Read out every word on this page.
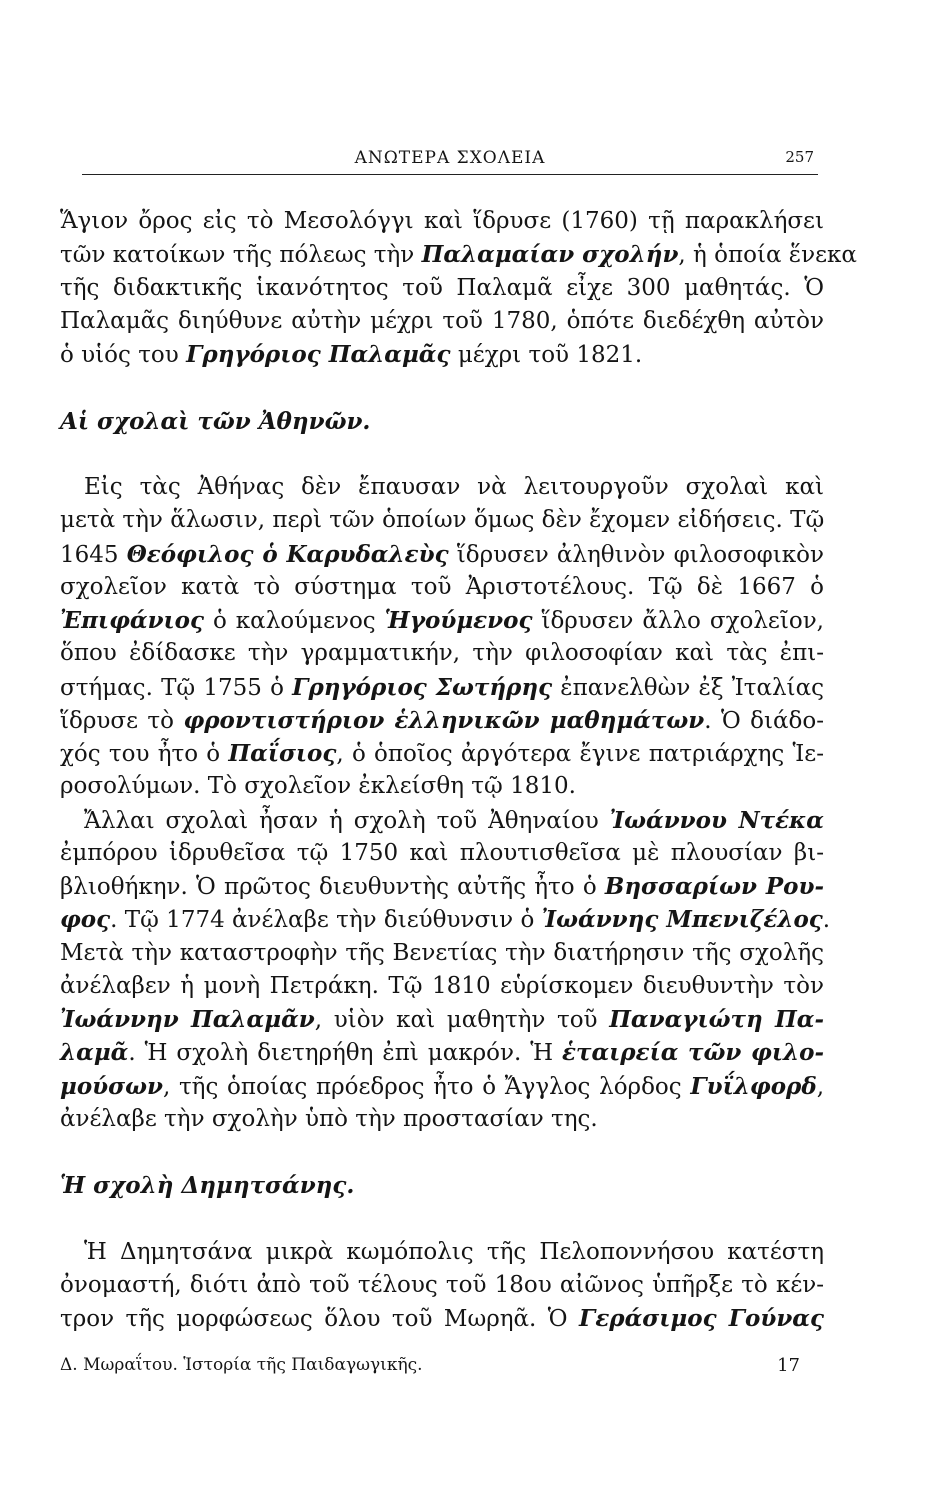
ΑΝΩΤΕΡΑ ΣΧΟΛΕΙΑ	257

Ἅγιον ὄρος εἰς τὸ Μεσολόγγι καὶ ἵδρυσε (1760) τῇ παρακλήσει

τῶν κατοίκων τῆς πόλεως τὴν Παλαμαίαν σχολήν, ἡ ὁποία ἕνεκα

τῆς διδακτικῆς ἱκανότητος τοῦ Παλαμᾶ εἶχε 300 μαθητάς. Ὁ

Παλαμᾶς διηύθυνε αὐτὴν μέχρι τοῦ 1780, ὁπότε διεδέχθη αὐτὸν

ὁ υἱός του Γρηγόριος Παλαμᾶς μέχρι τοῦ 1821.

Αἱ σχολαὶ τῶν Ἀθηνῶν.

Εἰς τὰς Ἀθήνας δὲν ἔπαυσαν νὰ λειτουργοῦν σχολαὶ καὶ

μετὰ τὴν ἅλωσιν, περὶ τῶν ὁποίων ὅμως δὲν ἔχομεν εἰδήσεις. Τῷ

1645 Θεόφιλος ὁ Καρυδαλεὺς ἵδρυσεν ἀληθινὸν φιλοσοφικὸν

σχολεῖον κατὰ τὸ σύστημα τοῦ Ἀριστοτέλους. Τῷ δὲ 1667 ὁ

Ἐπιφάνιος ὁ καλούμενος Ἡγούμενος ἵδρυσεν ἄλλο σχολεῖον,

ὅπου ἐδίδασκε τὴν γραμματικήν, τὴν φιλοσοφίαν καὶ τὰς ἐπι-

στήμας. Τῷ 1755 ὁ Γρηγόριος Σωτήρης ἐπανελθὼν ἐξ Ἰταλίας

ἵδρυσε τὸ φροντιστήριον ἑλληνικῶν μαθημάτων. Ὁ διάδο-

χός του ἦτο ὁ Παΐσιος, ὁ ὁποῖος ἀργότερα ἔγινε πατριάρχης Ἱε-

ροσολύμων. Τὸ σχολεῖον ἐκλείσθη τῷ 1810.

Ἄλλαι σχολαὶ ἦσαν ἡ σχολὴ τοῦ Ἀθηναίου Ἰωάννου Ντέκα

ἐμπόρου ἱδρυθεῖσα τῷ 1750 καὶ πλουτισθεῖσα μὲ πλουσίαν βι-

βλιοθήκην. Ὁ πρῶτος διευθυντὴς αὐτῆς ἦτο ὁ Βησσαρίων Ρου-

φος. Τῷ 1774 ἀνέλαβε τὴν διεύθυνσιν ὁ Ἰωάννης Μπενιζέλος.

Μετὰ τὴν καταστροφὴν τῆς Βενετίας τὴν διατήρησιν τῆς σχολῆς

ἀνέλαβεν ἡ μονὴ Πετράκη. Τῷ 1810 εὑρίσκομεν διευθυντὴν τὸν

Ἰωάννην Παλαμᾶν, υἱὸν καὶ μαθητὴν τοῦ Παναγιώτη Πα-

λαμᾶ. Ἡ σχολὴ διετηρήθη ἐπὶ μακρόν. Ἡ ἑταιρεία τῶν φιλο-

μούσων, τῆς ὁποίας πρόεδρος ἦτο ὁ Ἄγγλος λόρδος Γυΐλφορδ,

ἀνέλαβε τὴν σχολὴν ὑπὸ τὴν προστασίαν της.

Ἡ σχολὴ Δημητσάνης.

Ἡ Δημητσάνα μικρὰ κωμόπολις τῆς Πελοποννήσου κατέστη

ὀνομαστή, διότι ἀπὸ τοῦ τέλους τοῦ 18ου αἰῶνος ὑπῆρξε τὸ κέν-

τρον τῆς μορφώσεως ὅλου τοῦ Μωρηᾶ. Ὁ Γεράσιμος Γούνας

Δ. Μωραΐτου. Ἱστορία τῆς Παιδαγωγικῆς.	17
